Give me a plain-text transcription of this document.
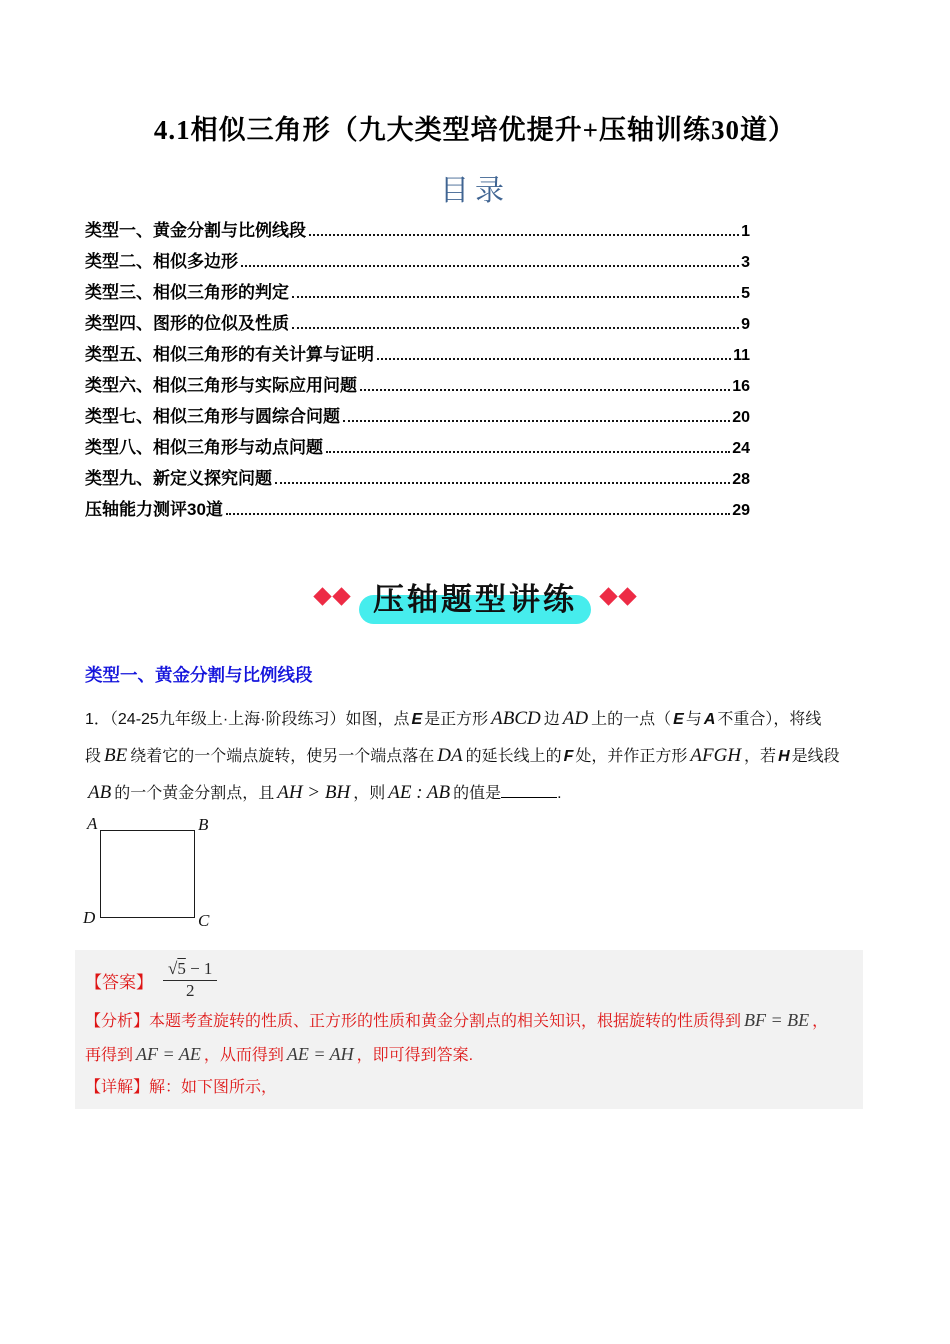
4.1相似三角形（九大类型培优提升+压轴训练30道）
目录
类型一、黄金分割与比例线段	1
类型二、相似多边形	3
类型三、相似三角形的判定	5
类型四、图形的位似及性质	9
类型五、相似三角形的有关计算与证明	11
类型六、相似三角形与实际应用问题	16
类型七、相似三角形与圆综合问题	20
类型八、相似三角形与动点问题	24
类型九、新定义探究问题	28
压轴能力测评30道	29
压轴题型讲练
类型一、黄金分割与比例线段
1．（24-25九年级上·上海·阶段练习）如图，点 E 是正方形 ABCD 边 AD 上的一点（ E 与 A 不重合），将线
段 BE 绕着它的一个端点旋转，使另一个端点落在 DA 的延长线上的 F 处，并作正方形 AFGH ，若 H 是线段
AB 的一个黄金分割点，且 AH > BH ，则 AE : AB 的值是	.
A	B
D	C
【答案】 $\frac{√5 - 1}{2}$
【分析】本题考查旋转的性质、正方形的性质和黄金分割点的相关知识，根据旋转的性质得到 BF = BE ，
再得到 AF = AE ，从而得到 AE = AH ，即可得到答案.
【详解】解：如下图所示，
